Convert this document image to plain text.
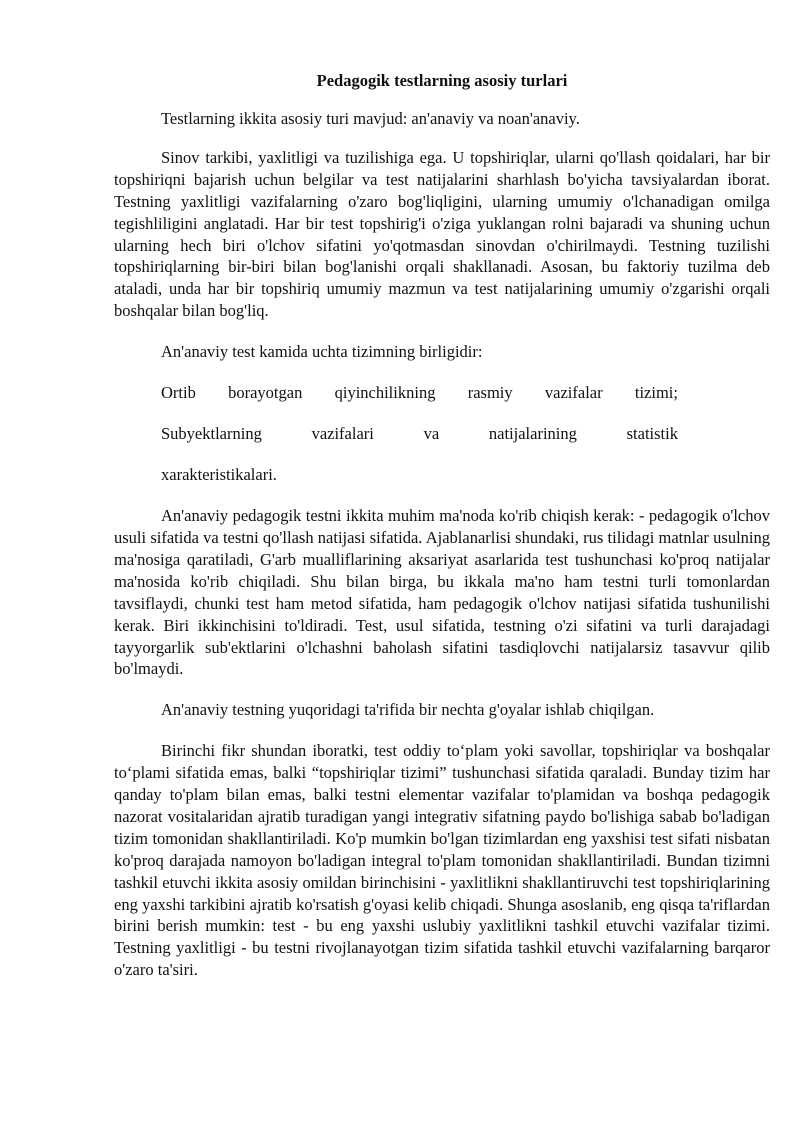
Pedagogik testlarning asosiy turlari

Testlarning ikkita asosiy turi mavjud: an'anaviy va noan'anaviy.

Sinov tarkibi, yaxlitligi va tuzilishiga ega. U topshiriqlar, ularni qo'llash qoidalari, har bir topshiriqni bajarish uchun belgilar va test natijalarini sharhlash bo'yicha tavsiyalardan iborat. Testning yaxlitligi vazifalarning o'zaro bog'liqligini, ularning umumiy o'lchanadigan omilga tegishliligini anglatadi. Har bir test topshirig'i o'ziga yuklangan rolni bajaradi va shuning uchun ularning hech biri o'lchov sifatini yo'qotmasdan sinovdan o'chirilmaydi. Testning tuzilishi topshiriqlarning bir-biri bilan bog'lanishi orqali shakllanadi. Asosan, bu faktoriy tuzilma deb ataladi, unda har bir topshiriq umumiy mazmun va test natijalarining umumiy o'zgarishi orqali boshqalar bilan bog'liq.

An'anaviy test kamida uchta tizimning birligidir:

Ortib borayotgan qiyinchilikning rasmiy vazifalar tizimi;
Subyektlarning	vazifalari	va	natijalarining	statistik
xarakteristikalari.

An'anaviy pedagogik testni ikkita muhim ma'noda ko'rib chiqish kerak: - pedagogik o'lchov usuli sifatida va testni qo'llash natijasi sifatida. Ajablanarlisi shundaki, rus tilidagi matnlar usulning ma'nosiga qaratiladi, G'arb mualliflarining aksariyat asarlarida test tushunchasi ko'proq natijalar ma'nosida ko'rib chiqiladi. Shu bilan birga, bu ikkala ma'no ham testni turli tomonlardan tavsiflaydi, chunki test ham metod sifatida, ham pedagogik o'lchov natijasi sifatida tushunilishi kerak. Biri ikkinchisini to'ldiradi. Test, usul sifatida, testning o'zi sifatini va turli darajadagi tayyorgarlik sub'ektlarini o'lchashni baholash sifatini tasdiqlovchi natijalarsiz tasavvur qilib bo'lmaydi.

An'anaviy testning yuqoridagi ta'rifida bir nechta g'oyalar ishlab chiqilgan.

Birinchi fikr shundan iboratki, test oddiy to‘plam yoki savollar, topshiriqlar va boshqalar to‘plami sifatida emas, balki “topshiriqlar tizimi” tushunchasi sifatida qaraladi. Bunday tizim har qanday to'plam bilan emas, balki testni elementar vazifalar to'plamidan va boshqa pedagogik nazorat vositalaridan ajratib turadigan yangi integrativ sifatning paydo bo'lishiga sabab bo'ladigan tizim tomonidan shakllantiriladi. Ko'p mumkin bo'lgan tizimlardan eng yaxshisi test sifati nisbatan ko'proq darajada namoyon bo'ladigan integral to'plam tomonidan shakllantiriladi. Bundan tizimni tashkil etuvchi ikkita asosiy omildan birinchisini - yaxlitlikni shakllantiruvchi test topshiriqlarining eng yaxshi tarkibini ajratib ko'rsatish g'oyasi kelib chiqadi. Shunga asoslanib, eng qisqa ta'riflardan birini berish mumkin: test - bu eng yaxshi uslubiy yaxlitlikni tashkil etuvchi vazifalar tizimi. Testning yaxlitligi - bu testni rivojlanayotgan tizim sifatida tashkil etuvchi vazifalarning barqaror o'zaro ta'siri.
